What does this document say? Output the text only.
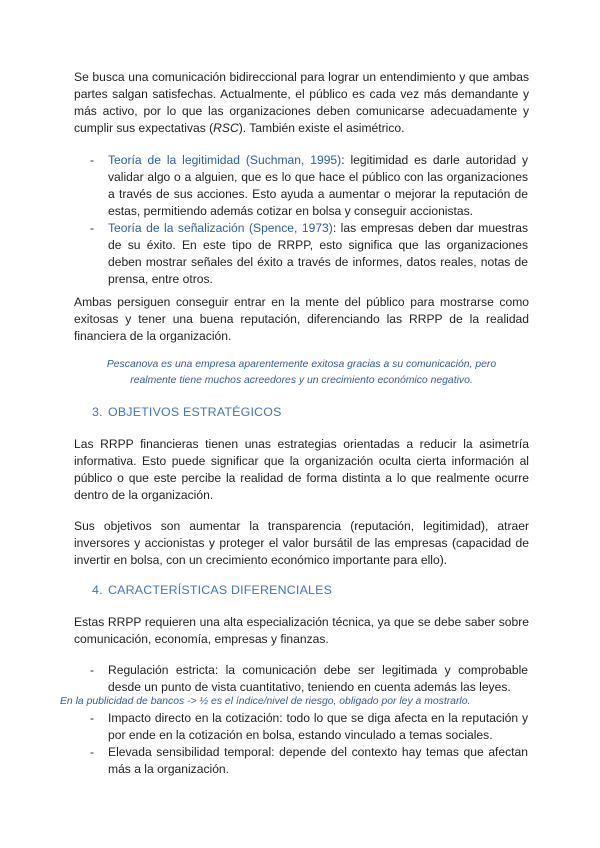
Se busca una comunicación bidireccional para lograr un entendimiento y que ambas partes salgan satisfechas. Actualmente, el público es cada vez más demandante y más activo, por lo que las organizaciones deben comunicarse adecuadamente y cumplir sus expectativas (RSC). También existe el asimétrico.

- Teoría de la legitimidad (Suchman, 1995): legitimidad es darle autoridad y validar algo o a alguien, que es lo que hace el público con las organizaciones a través de sus acciones. Esto ayuda a aumentar o mejorar la reputación de estas, permitiendo además cotizar en bolsa y conseguir accionistas.

- Teoría de la señalización (Spence, 1973): las empresas deben dar muestras de su éxito. En este tipo de RRPP, esto significa que las organizaciones deben mostrar señales del éxito a través de informes, datos reales, notas de prensa, entre otros.

Ambas persiguen conseguir entrar en la mente del público para mostrarse como exitosas y tener una buena reputación, diferenciando las RRPP de la realidad financiera de la organización.

Pescanova es una empresa aparentemente exitosa gracias a su comunicación, pero
realmente tiene muchos acreedores y un crecimiento económico negativo.
3. OBJETIVOS ESTRATÉGICOS

Las RRPP financieras tienen unas estrategias orientadas a reducir la asimetría informativa. Esto puede significar que la organización oculta cierta información al público o que este percibe la realidad de forma distinta a lo que realmente ocurre dentro de la organización.

Sus objetivos son aumentar la transparencia (reputación, legitimidad), atraer inversores y accionistas y proteger el valor bursátil de las empresas (capacidad de invertir en bolsa, con un crecimiento económico importante para ello).

4. CARACTERÍSTICAS DIFERENCIALES

Estas RRPP requieren una alta especialización técnica, ya que se debe saber sobre comunicación, economía, empresas y finanzas.

- Regulación estricta: la comunicación debe ser legitimada y comprobable desde un punto de vista cuantitativo, teniendo en cuenta además las leyes.

En la publicidad de bancos -> ½ es el índice/nivel de riesgo, obligado por ley a mostrarlo.
- Impacto directo en la cotización: todo lo que se diga afecta en la reputación y por ende en la cotización en bolsa, estando vinculado a temas sociales.

- Elevada sensibilidad temporal: depende del contexto hay temas que afectan más a la organización.
